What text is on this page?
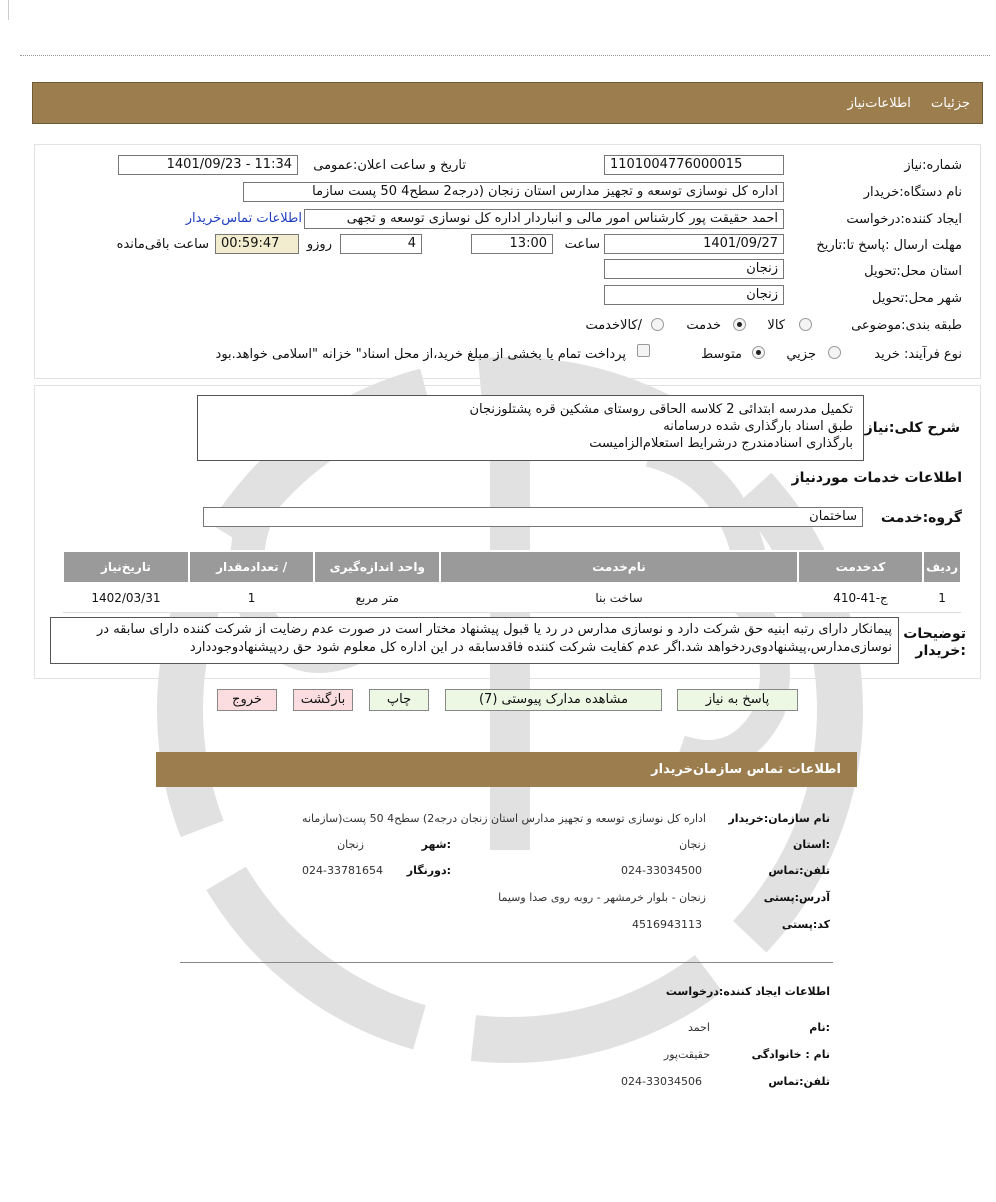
جزئیات اطلاعات‌نیاز
شماره:نیاز
1101004776000015
تاریخ و ساعت اعلان:عمومی
1401/09/23 - 11:34
نام دستگاه:خریدار
اداره کل نوسازی توسعه و تجهیز مدارس استان زنجان (درجه2 سطح4 50 پست سازما
ایجاد کننده:درخواست
احمد حقیقت پور کارشناس امور مالی و انباردار اداره کل نوسازی توسعه و تجهی
اطلاعات تماس‌خریدار
مهلت ارسال :پاسخ تا:تاریخ
1401/09/27
ساعت
13:00
4
روزو
00:59:47
ساعت باقی‌مانده
استان محل:تحویل
زنجان
شهر محل:تحویل
زنجان
طبقه بندی:موضوعی
کالا
خدمت
/کالاخدمت
نوع فرآیند: خرید
جزيي
متوسط
پرداخت تمام یا بخشی از مبلغ خرید،از محل اسناد" خزانه "اسلامی خواهد.بود
شرح کلی:نیاز
تکمیل مدرسه ابتدائی 2 کلاسه الحاقی روستای مشکین قره پشتلوزنجان
طبق اسناد بارگذاری شده درسامانه
بارگذاری اسنادمندرج درشرایط استعلام‌الزامیست
اطلاعات خدمات موردنیاز
گروه:خدمت
ساختمان
ردیف	کدخدمت	نام‌خدمت	واحد اندازه‌گیری	/ تعدادمقدار	تاریخ‌نیاز
1	ج-41-410	ساخت بنا	متر مربع	1	1402/03/31
توضیحات :خریدار
پیمانکار دارای رتبه ابنیه حق شرکت دارد و نوسازی مدارس در رد یا قبول پیشنهاد مختار است در صورت عدم رضایت از شرکت کننده دارای سابقه در نوسازی‌مدارس،پیشنهادوی‌ردخواهد شد.اگر عدم کفایت شرکت کننده فاقدسابقه در این اداره کل معلوم شود حق ردپیشنهادوجوددارد
پاسخ به نیاز
مشاهده مدارک پیوستی (7)
چاپ
بازگشت
خروج
اطلاعات تماس سازمان‌خریدار
نام سازمان:خریدار
اداره کل نوسازی توسعه و تجهیز مدارس استان زنجان درجه2) سطح4 50 پست(سازمانه
:استان
زنجان
:شهر
زنجان
تلفن:تماس
024-33034500
:دورنگار
024-33781654
آدرس:پستی
زنجان - بلوار خرمشهر - روبه روی صدا وسیما
کد:پستی
4516943113
اطلاعات ایجاد کننده:درخواست
:نام
احمد
نام : خانوادگی
حقیقت‌پور
تلفن:تماس
024-33034506
